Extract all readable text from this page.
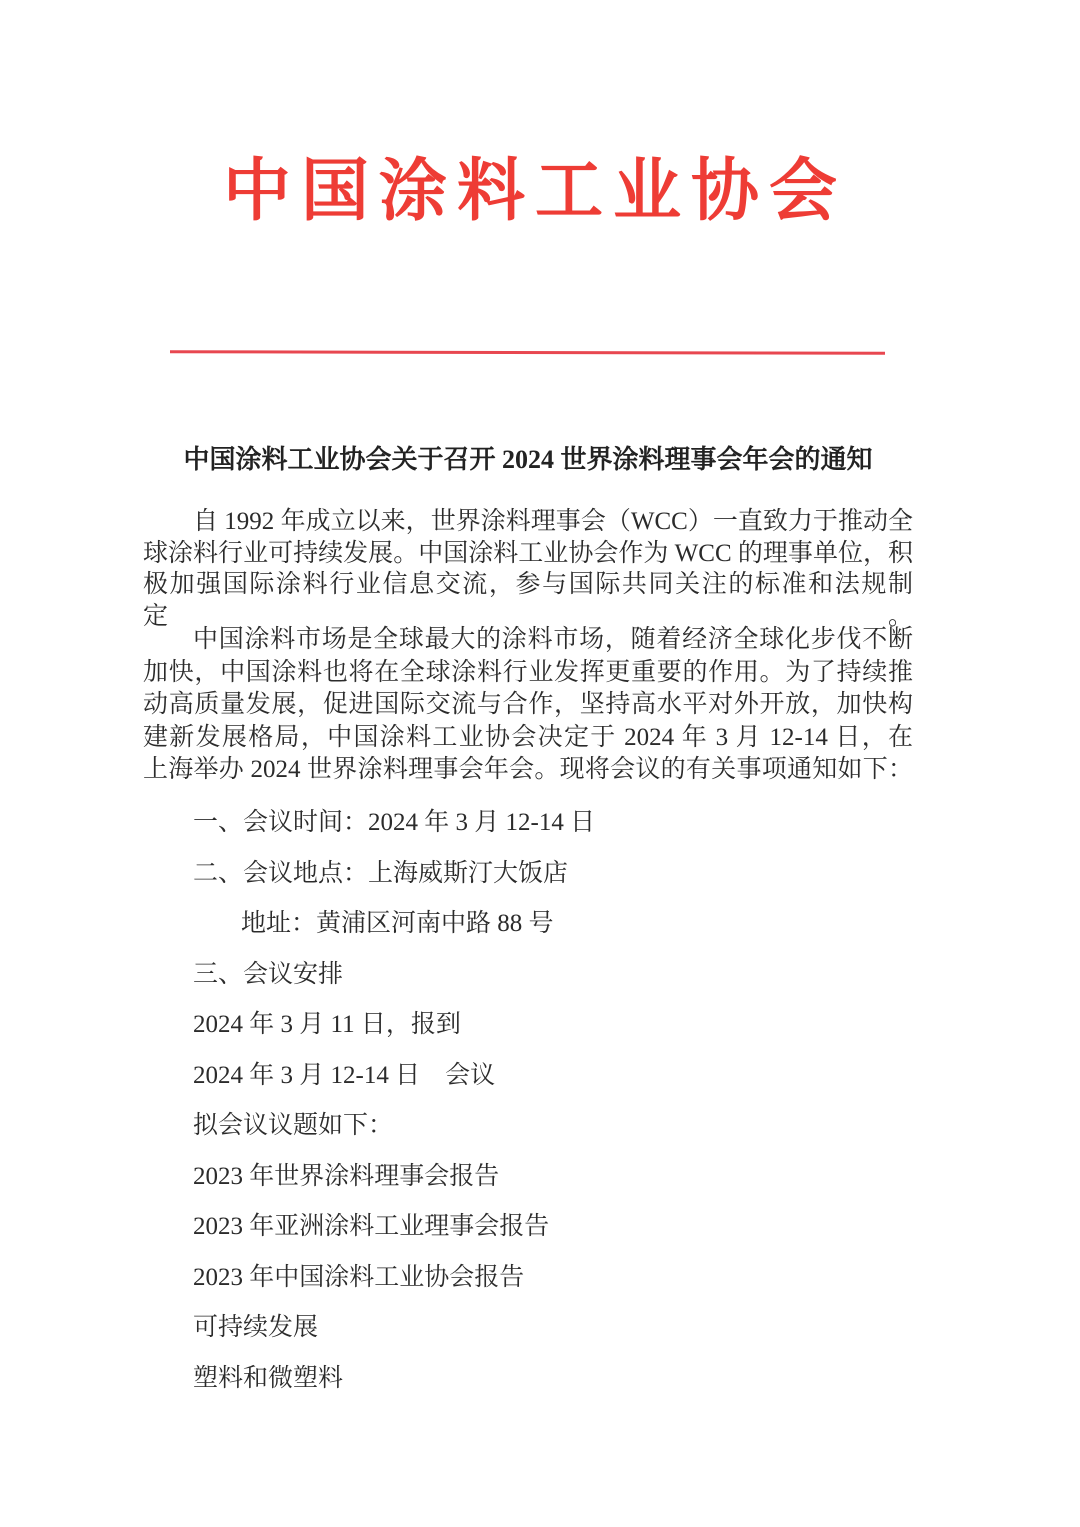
中国涂料工业协会
中国涂料工业协会关于召开 2024 世界涂料理事会年会的通知
自 1992 年成立以来，世界涂料理事会（WCC）一直致力于推动全
球涂料行业可持续发展。中国涂料工业协会作为 WCC 的理事单位，积
极加强国际涂料行业信息交流，参与国际共同关注的标准和法规制定。
中国涂料市场是全球最大的涂料市场，随着经济全球化步伐不断
加快，中国涂料也将在全球涂料行业发挥更重要的作用。为了持续推
动高质量发展，促进国际交流与合作，坚持高水平对外开放，加快构
建新发展格局，中国涂料工业协会决定于 2024 年 3 月 12-14 日，在
上海举办 2024 世界涂料理事会年会。现将会议的有关事项通知如下：
一、会议时间：2024 年 3 月 12-14 日
二、会议地点：上海威斯汀大饭店
地址：黄浦区河南中路 88 号
三、会议安排
2024 年 3 月 11 日，报到
2024 年 3 月 12-14 日　会议
拟会议议题如下：
2023 年世界涂料理事会报告
2023 年亚洲涂料工业理事会报告
2023 年中国涂料工业协会报告
可持续发展
塑料和微塑料
